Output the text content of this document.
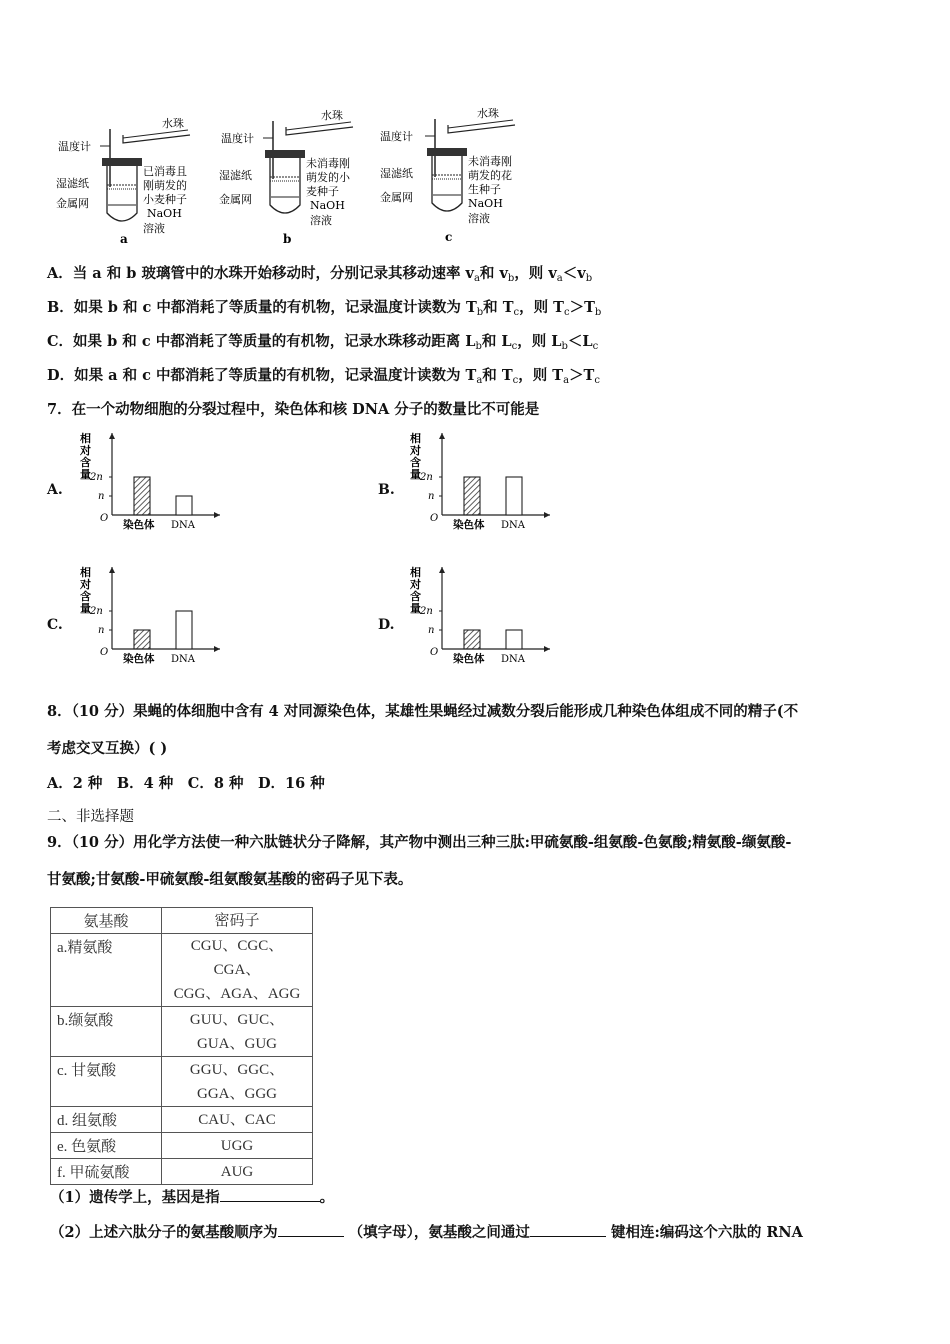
水珠
温度计
湿滤纸
金属网
已消毒且
刚萌发的
小麦种子
NaOH
溶液
a
水珠
温度计
湿滤纸
金属网
未消毒刚
萌发的小
麦种子
NaOH
溶液
b
水珠
温度计
湿滤纸
金属网
未消毒刚
萌发的花
生种子
NaOH
溶液
c
A．当 a 和 b 玻璃管中的水珠开始移动时，分别记录其移动速率 $v_a$和 $v_b$，则 $v_a<v_b$
B．如果 b 和 c 中都消耗了等质量的有机物，记录温度计读数为 $T_b$和 $T_c$，则 $T_c>T_b$
C．如果 b 和 c 中都消耗了等质量的有机物，记录水珠移动距离 $L_b$和 $L_c$，则 $L_b<L_c$
D．如果 a 和 c 中都消耗了等质量的有机物，记录温度计读数为 $T_a$和 $T_c$，则 $T_a>T_c$
7．在一个动物细胞的分裂过程中，染色体和核 DNA 分子的数量比不可能是
A.	B.
C.	D.
相
对
含
量
O
2n
n
染色体 DNA
相
对
含
量
O
2n
n
染色体 DNA
相
对
含
量
O
2n
n
染色体 DNA
相
对
含
量
O
2n
n
染色体 DNA
8．（10 分）果蝇的体细胞中含有 4 对同源染色体，某雄性果蝇经过减数分裂后能形成几种染色体组成不同的精子(不
考虑交叉互换）( )
A．2 种　B．4 种　C．8 种　D．16 种
二、非选择题
9．（10 分）用化学方法使一种六肽链状分子降解，其产物中测出三种三肽:甲硫氨酸-组氨酸-色氨酸;精氨酸-缬氨酸-
甘氨酸;甘氨酸-甲硫氨酸-组氨酸氨基酸的密码子见下表。
氨基酸	密码子
a.精氨酸	CGU、CGC、CGA、
CGG、AGA、AGG

b.缬氨酸	GUU、GUC、
GUA、GUG

c. 甘氨酸	GGU、GGC、
GGA、GGG

d. 组氨酸	CAU、CAC
e. 色氨酸	UGG
f. 甲硫氨酸	AUG
（1）遗传学上，基因是指	。
（2）上述六肽分子的氨基酸顺序为	（填字母），氨基酸之间通过	键相连:编码这个六肽的 RNA
